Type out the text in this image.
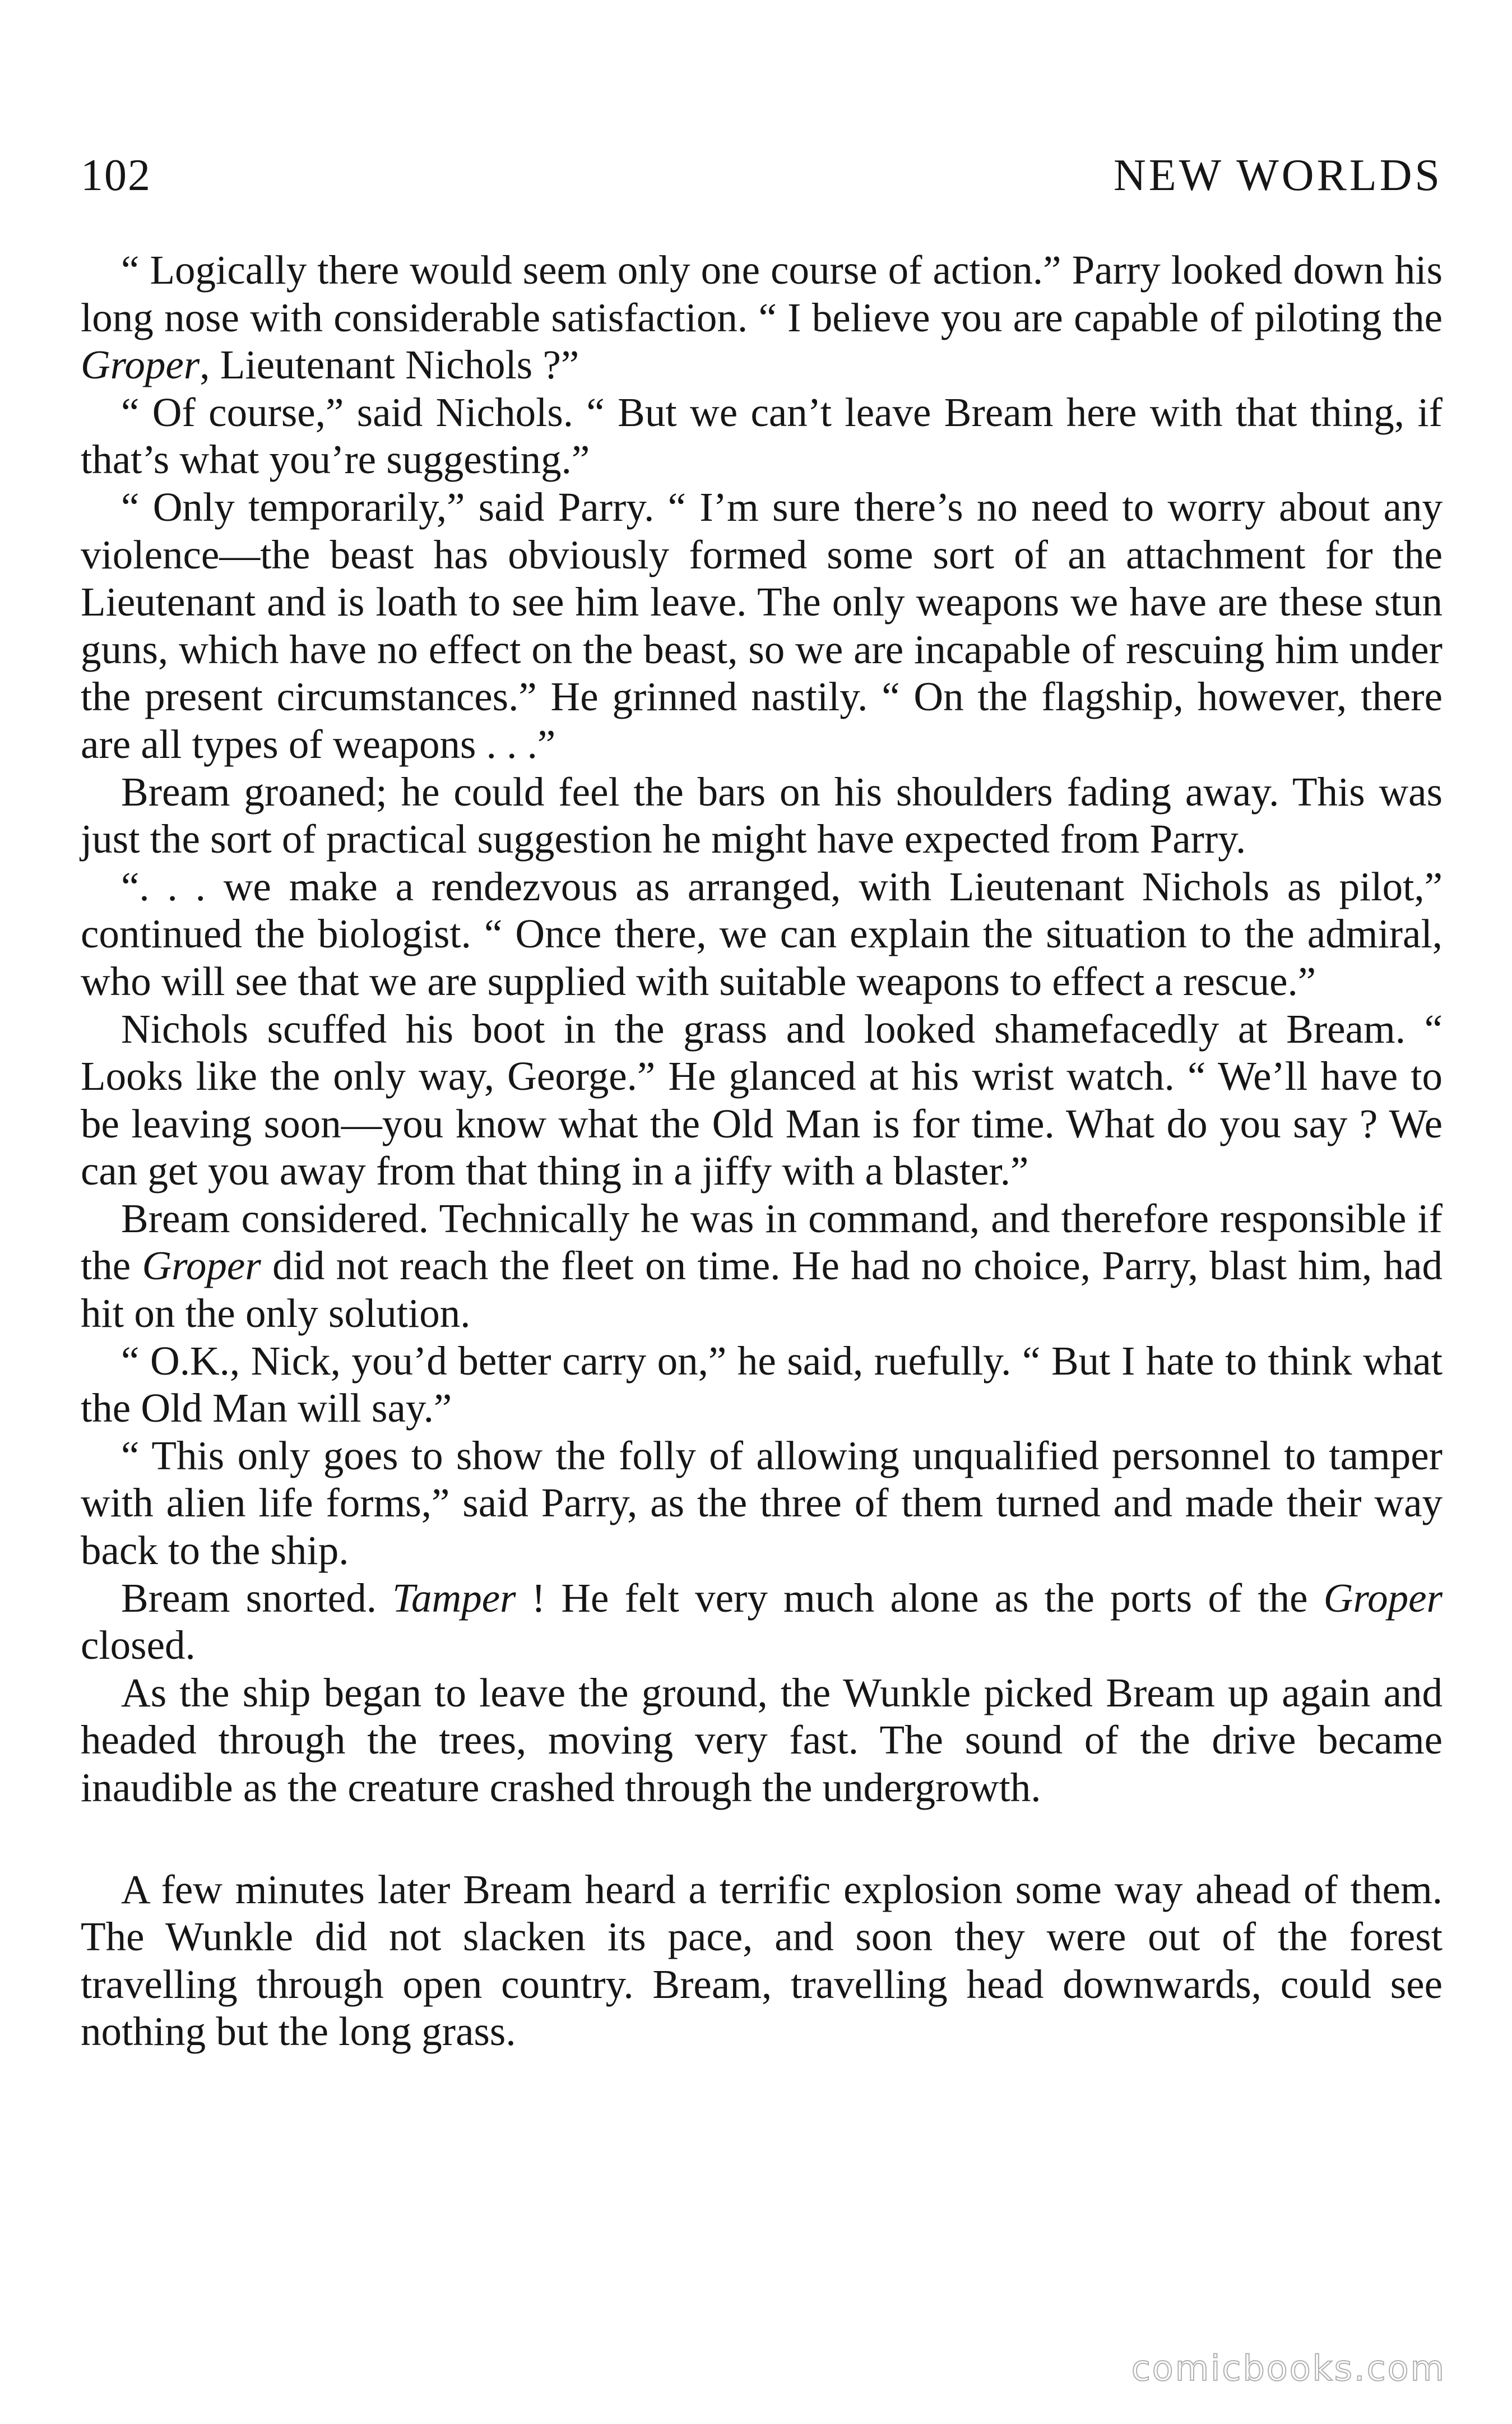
102	NEW WORLDS

“ Logically there would seem only one course of action.” Parry looked down his long nose with considerable satisfaction. “ I believe you are capable of piloting the Groper, Lieutenant Nichols ?”

“ Of course,” said Nichols. “ But we can’t leave Bream here with that thing, if that’s what you’re suggesting.”

“ Only temporarily,” said Parry. “ I’m sure there’s no need to worry about any violence—the beast has obviously formed some sort of an attachment for the Lieutenant and is loath to see him leave. The only weapons we have are these stun guns, which have no effect on the beast, so we are incapable of rescuing him under the present circumstances.” He grinned nastily. “ On the flagship, however, there are all types of weapons . . .”

Bream groaned; he could feel the bars on his shoulders fading away. This was just the sort of practical suggestion he might have expected from Parry.

“. . . we make a rendezvous as arranged, with Lieutenant Nichols as pilot,” continued the biologist. “ Once there, we can explain the situation to the admiral, who will see that we are supplied with suitable weapons to effect a rescue.”

Nichols scuffed his boot in the grass and looked shamefacedly at Bream. “ Looks like the only way, George.” He glanced at his wrist watch. “ We’ll have to be leaving soon—you know what the Old Man is for time. What do you say ? We can get you away from that thing in a jiffy with a blaster.”

Bream considered. Technically he was in command, and therefore responsible if the Groper did not reach the fleet on time. He had no choice, Parry, blast him, had hit on the only solution.

“ O.K., Nick, you’d better carry on,” he said, ruefully. “ But I hate to think what the Old Man will say.”

“ This only goes to show the folly of allowing unqualified personnel to tamper with alien life forms,” said Parry, as the three of them turned and made their way back to the ship.

Bream snorted. Tamper ! He felt very much alone as the ports of the Groper closed.

As the ship began to leave the ground, the Wunkle picked Bream up again and headed through the trees, moving very fast. The sound of the drive became inaudible as the creature crashed through the undergrowth.

A few minutes later Bream heard a terrific explosion some way ahead of them. The Wunkle did not slacken its pace, and soon they were out of the forest travelling through open country. Bream, travelling head downwards, could see nothing but the long grass.

comicbooks.com
